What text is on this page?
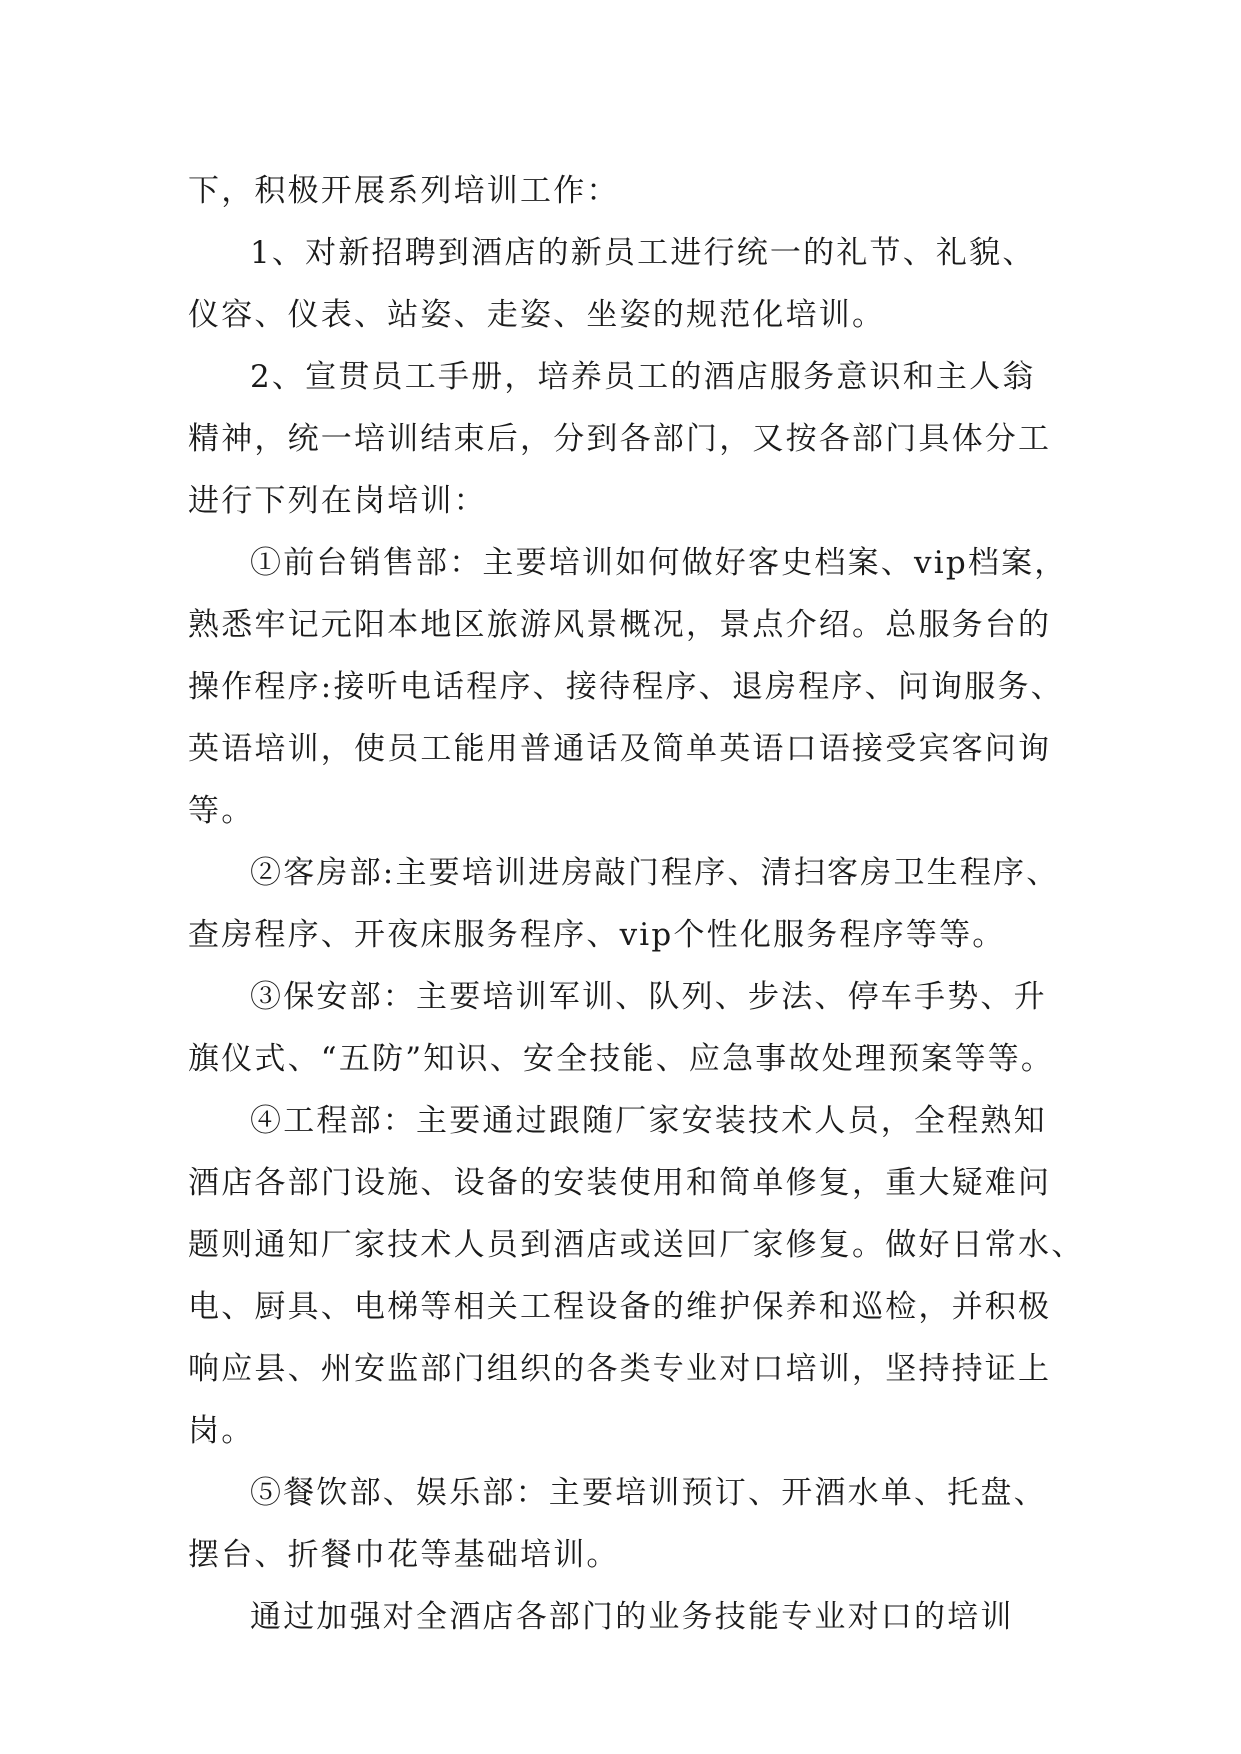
下，积极开展系列培训工作：

1、对新招聘到酒店的新员工进行统一的礼节、礼貌、
仪容、仪表、站姿、走姿、坐姿的规范化培训。

2、宣贯员工手册，培养员工的酒店服务意识和主人翁
精神，统一培训结束后，分到各部门，又按各部门具体分工
进行下列在岗培训：

①前台销售部：主要培训如何做好客史档案、vip档案，
熟悉牢记元阳本地区旅游风景概况，景点介绍。总服务台的
操作程序:接听电话程序、接待程序、退房程序、问询服务、
英语培训，使员工能用普通话及简单英语口语接受宾客问询
等。

②客房部:主要培训进房敲门程序、清扫客房卫生程序、
查房程序、开夜床服务程序、vip个性化服务程序等等。

③保安部：主要培训军训、队列、步法、停车手势、升
旗仪式、“五防”知识、安全技能、应急事故处理预案等等。

④工程部：主要通过跟随厂家安装技术人员，全程熟知
酒店各部门设施、设备的安装使用和简单修复，重大疑难问
题则通知厂家技术人员到酒店或送回厂家修复。做好日常水、
电、厨具、电梯等相关工程设备的维护保养和巡检，并积极
响应县、州安监部门组织的各类专业对口培训，坚持持证上
岗。

⑤餐饮部、娱乐部：主要培训预订、开酒水单、托盘、
摆台、折餐巾花等基础培训。

通过加强对全酒店各部门的业务技能专业对口的培训
